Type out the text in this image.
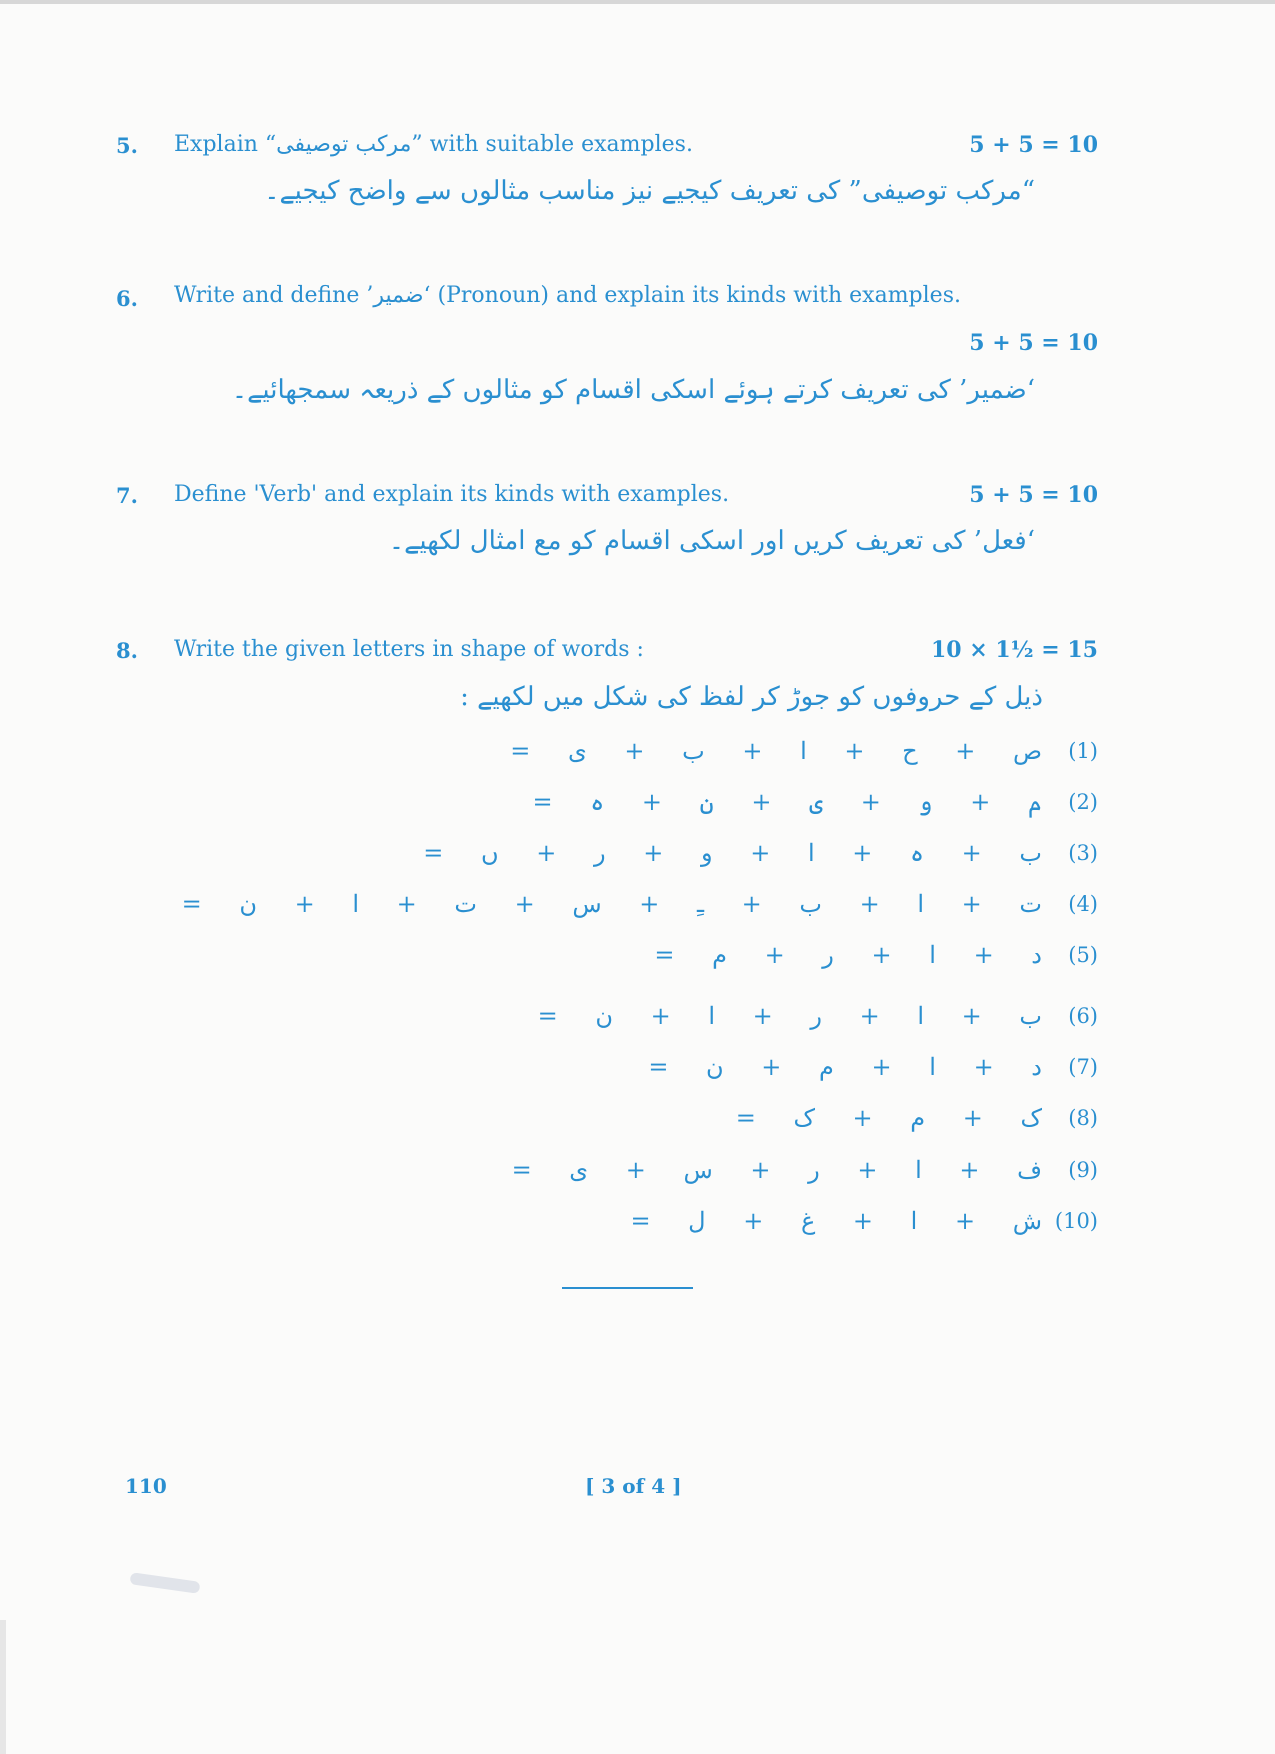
5. Explain “مرکب توصیفی” with suitable examples.	5 + 5 = 10
“مرکب توصیفی” کی تعریف کیجیے نیز مناسب مثالوں سے واضح کیجیے۔
6. Write and define ‘ضمیر’ (Pronoun) and explain its kinds with examples.
5 + 5 = 10
‘ضمیر’ کی تعریف کرتے ہوئے اسکی اقسام کو مثالوں کے ذریعہ سمجھائیے۔
7. Define 'Verb' and explain its kinds with examples.	5 + 5 = 10
‘فعل’ کی تعریف کریں اور اسکی اقسام کو مع امثال لکھیے۔
8. Write the given letters in shape of words :	10 × 1½ = 15
ذیل کے حروفوں کو جوڑ کر لفظ کی شکل میں لکھیے :
(1)
ص + ح + ا + ب + ی =
(2)
م + و + ی + ن + ہ =
(3)
ب + ہ + ا + و + ر + ں =
(4)
ت + ا + ب + ـِ + س + ت + ا + ن =
(5)
د + ا + ر + م =
(6)
ب + ا + ر + ا + ن =
(7)
د + ا + م + ن =
(8)
ک + م + ک =
(9)
ف + ا + ر + س + ی =
(10)
ش + ا + غ + ل =
110	[ 3 of 4 ]
